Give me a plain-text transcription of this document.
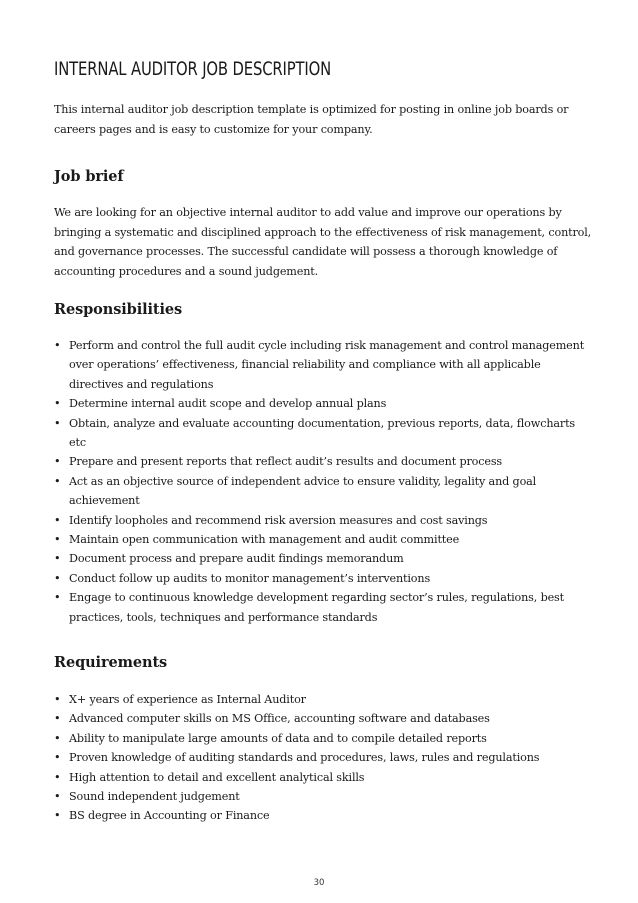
INTERNAL AUDITOR JOB DESCRIPTION

This internal auditor job description template is optimized for posting in online job boards or careers pages and is easy to customize for your company.

Job brief

We are looking for an objective internal auditor to add value and improve our operations by bringing a systematic and disciplined approach to the effectiveness of risk management, control, and governance processes. The successful candidate will possess a thorough knowledge of accounting procedures and a sound judgement.

Responsibilities
• Perform and control the full audit cycle including risk management and control management over operations’ effectiveness, financial reliability and compliance with all applicable directives and regulations
• Determine internal audit scope and develop annual plans
• Obtain, analyze and evaluate accounting documentation, previous reports, data, flowcharts etc
• Prepare and present reports that reflect audit’s results and document process
• Act as an objective source of independent advice to ensure validity, legality and goal achievement
• Identify loopholes and recommend risk aversion measures and cost savings
• Maintain open communication with management and audit committee
• Document process and prepare audit findings memorandum
• Conduct follow up audits to monitor management’s interventions
• Engage to continuous knowledge development regarding sector’s rules, regulations, best practices, tools, techniques and performance standards
Requirements
• X+ years of experience as Internal Auditor
• Advanced computer skills on MS Office, accounting software and databases
• Ability to manipulate large amounts of data and to compile detailed reports
• Proven knowledge of auditing standards and procedures, laws, rules and regulations
• High attention to detail and excellent analytical skills
• Sound independent judgement
• BS degree in Accounting or Finance
30
